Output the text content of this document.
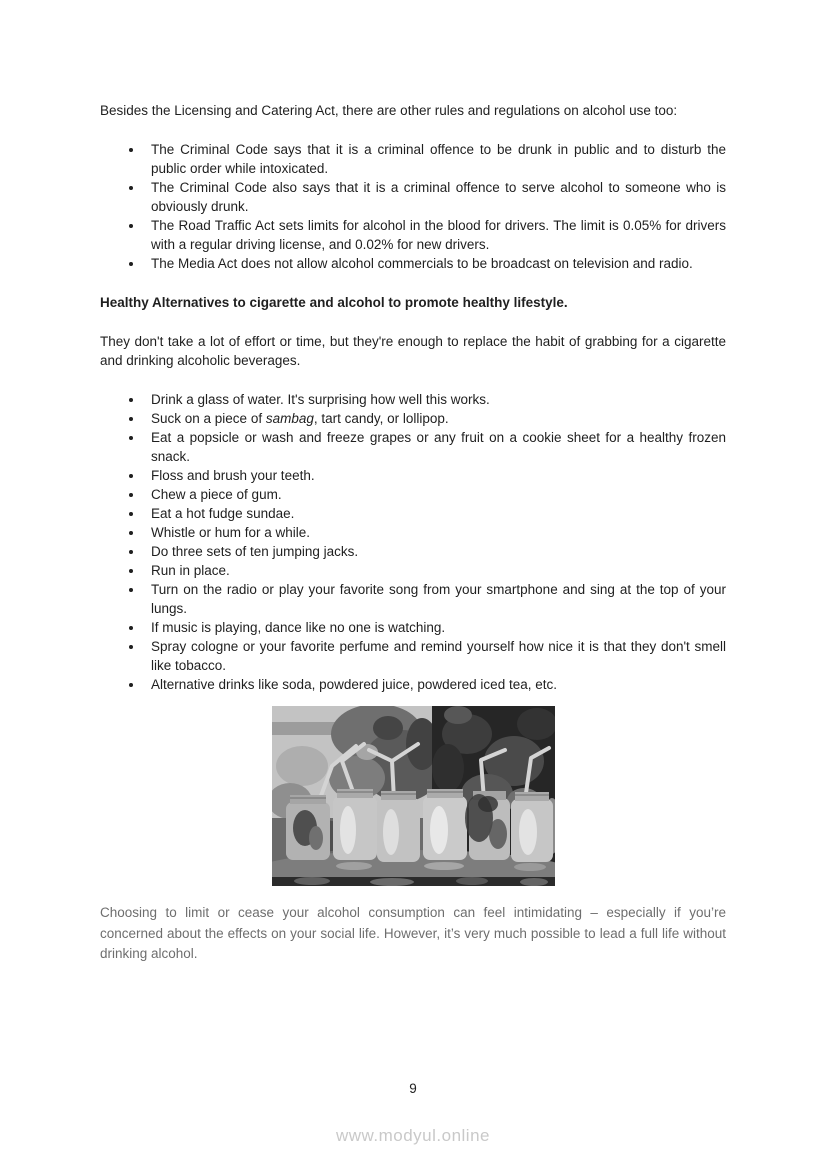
Besides the Licensing and Catering Act, there are other rules and regulations on alcohol use too:

The Criminal Code says that it is a criminal offence to be drunk in public and to disturb the public order while intoxicated.
The Criminal Code also says that it is a criminal offence to serve alcohol to someone who is obviously drunk.
The Road Traffic Act sets limits for alcohol in the blood for drivers. The limit is 0.05% for drivers with a regular driving license, and 0.02% for new drivers.
The Media Act does not allow alcohol commercials to be broadcast on television and radio.
Healthy Alternatives to cigarette and alcohol to promote healthy lifestyle.

They don't take a lot of effort or time, but they're enough to replace the habit of grabbing for a cigarette and drinking alcoholic beverages.

Drink a glass of water. It's surprising how well this works.
Suck on a piece of sambag, tart candy, or lollipop.
Eat a popsicle or wash and freeze grapes or any fruit on a cookie sheet for a healthy frozen snack.
Floss and brush your teeth.
Chew a piece of gum.
Eat a hot fudge sundae.
Whistle or hum for a while.
Do three sets of ten jumping jacks.
Run in place.
Turn on the radio or play your favorite song from your smartphone and sing at the top of your lungs.
If music is playing, dance like no one is watching.
Spray cologne or your favorite perfume and remind yourself how nice it is that they don't smell like tobacco.
Alternative drinks like soda, powdered juice, powdered iced tea, etc.

Choosing to limit or cease your alcohol consumption can feel intimidating – especially if you’re concerned about the effects on your social life. However, it’s very much possible to lead a full life without drinking alcohol.

9
www.modyul.online
